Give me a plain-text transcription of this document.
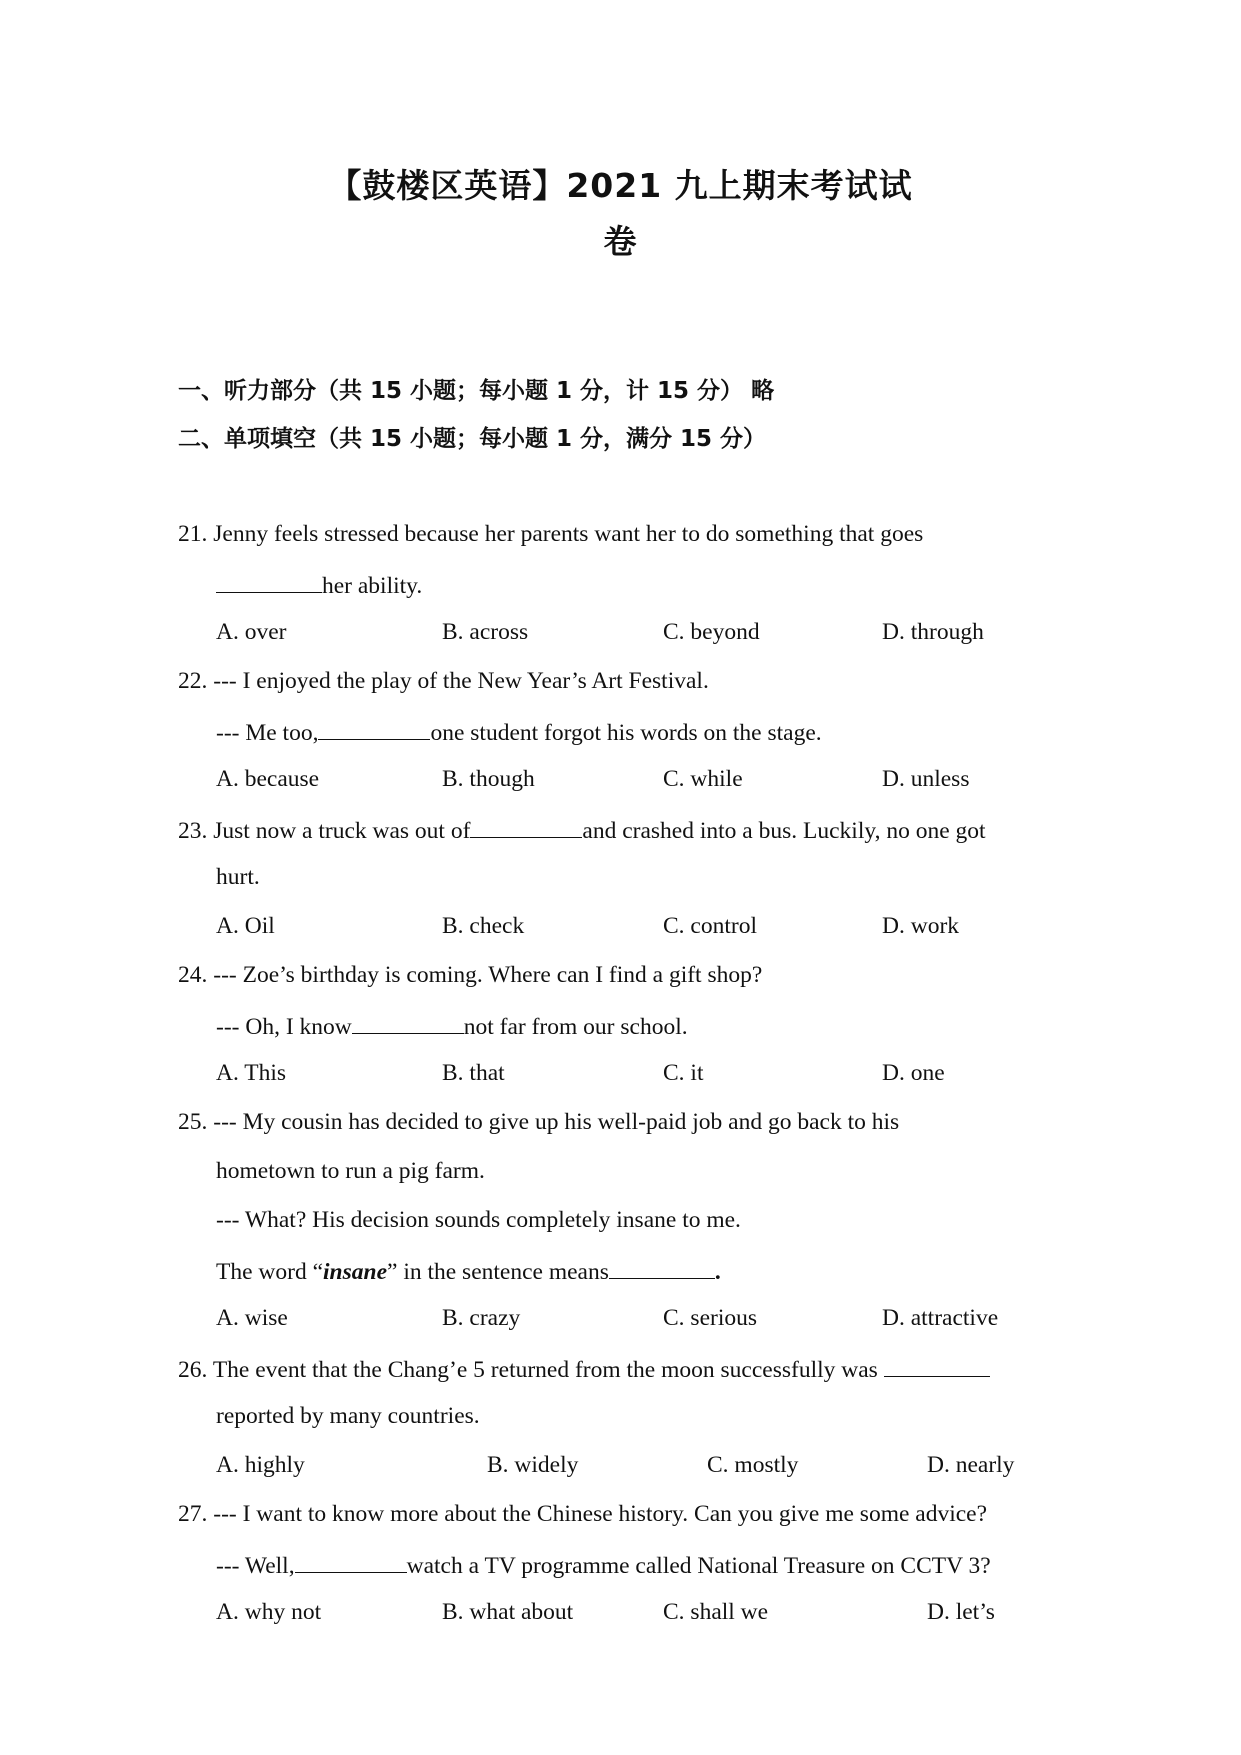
【鼓楼区英语】2021 九上期末考试试
卷
一、听力部分（共 15 小题；每小题 1 分，计 15 分） 略
二、单项填空（共 15 小题；每小题 1 分，满分 15 分）
21. Jenny feels stressed because her parents want her to do something that goes
her ability.
A. over	B. across	C. beyond	D. through
22. --- I enjoyed the play of the New Year’s Art Festival.
--- Me too,	one student forgot his words on the stage.
A. because	B. though	C. while	D. unless
23. Just now a truck was out of	and crashed into a bus. Luckily, no one got
hurt.
A. Oil	B. check	C. control	D. work
24. --- Zoe’s birthday is coming. Where can I find a gift shop?
--- Oh, I know	not far from our school.
A. This	B. that	C. it	D. one
25. --- My cousin has decided to give up his well-paid job and go back to his
hometown to run a pig farm.
--- What? His decision sounds completely insane to me.
The word “insane” in the sentence means	.
A. wise	B. crazy	C. serious	D. attractive
26. The event that the Chang’e 5 returned from the moon successfully was
reported by many countries.
A. highly	B. widely	C. mostly	D. nearly
27. --- I want to know more about the Chinese history. Can you give me some advice?
--- Well,	watch a TV programme called National Treasure on CCTV 3?
A. why not	B. what about	C. shall we	D. let’s
